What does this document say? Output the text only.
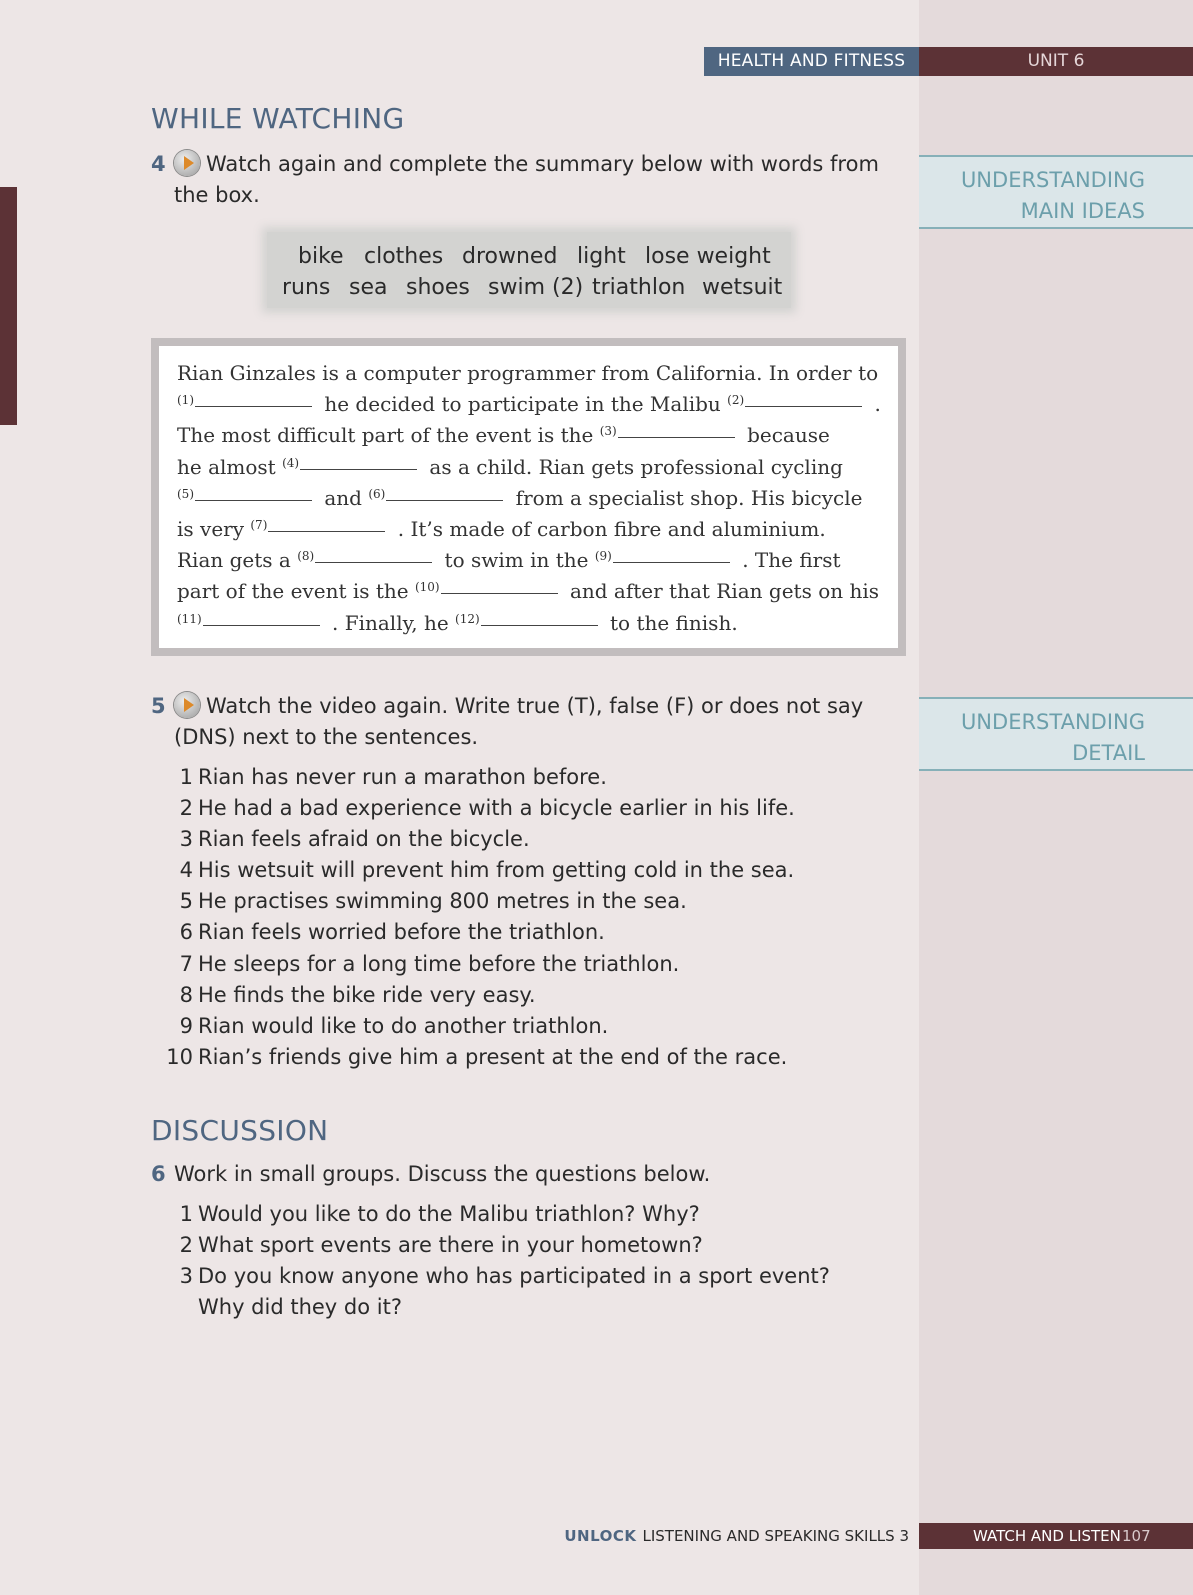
HEALTH AND FITNESS	UNIT 6
WHILE WATCHING
4	Watch again and complete the summary below with words from the box.
UNDERSTANDING MAIN IDEAS
bike clothes drowned light lose weight
runs sea shoes swim (2) triathlon wetsuit
Rian Ginzales is a computer programmer from California. In order to
$^{(1)}$	he decided to participate in the Malibu $^{(2)}$	.
The most difficult part of the event is the $^{(3)}$	because
he almost $^{(4)}$	as a child. Rian gets professional cycling
$^{(5)}$	and $^{(6)}$	from a specialist shop. His bicycle
is very $^{(7)}$	. It’s made of carbon fibre and aluminium.
Rian gets a $^{(8)}$	to swim in the $^{(9)}$	. The first
part of the event is the $^{(10)}$	and after that Rian gets on his
$^{(11)}$	. Finally, he $^{(12)}$	to the finish.
5	Watch the video again. Write true (T), false (F) or does not say (DNS) next to the sentences.
UNDERSTANDING DETAIL
1 Rian has never run a marathon before.
2 He had a bad experience with a bicycle earlier in his life.
3 Rian feels afraid on the bicycle.
4 His wetsuit will prevent him from getting cold in the sea.
5 He practises swimming 800 metres in the sea.
6 Rian feels worried before the triathlon.
7 He sleeps for a long time before the triathlon.
8 He finds the bike ride very easy.
9 Rian would like to do another triathlon.
10 Rian’s friends give him a present at the end of the race.
DISCUSSION
6 Work in small groups. Discuss the questions below.
1 Would you like to do the Malibu triathlon? Why?
2 What sport events are there in your hometown?
3 Do you know anyone who has participated in a sport event?
Why did they do it?
UNLOCK LISTENING AND SPEAKING SKILLS 3	WATCH AND LISTEN 107
